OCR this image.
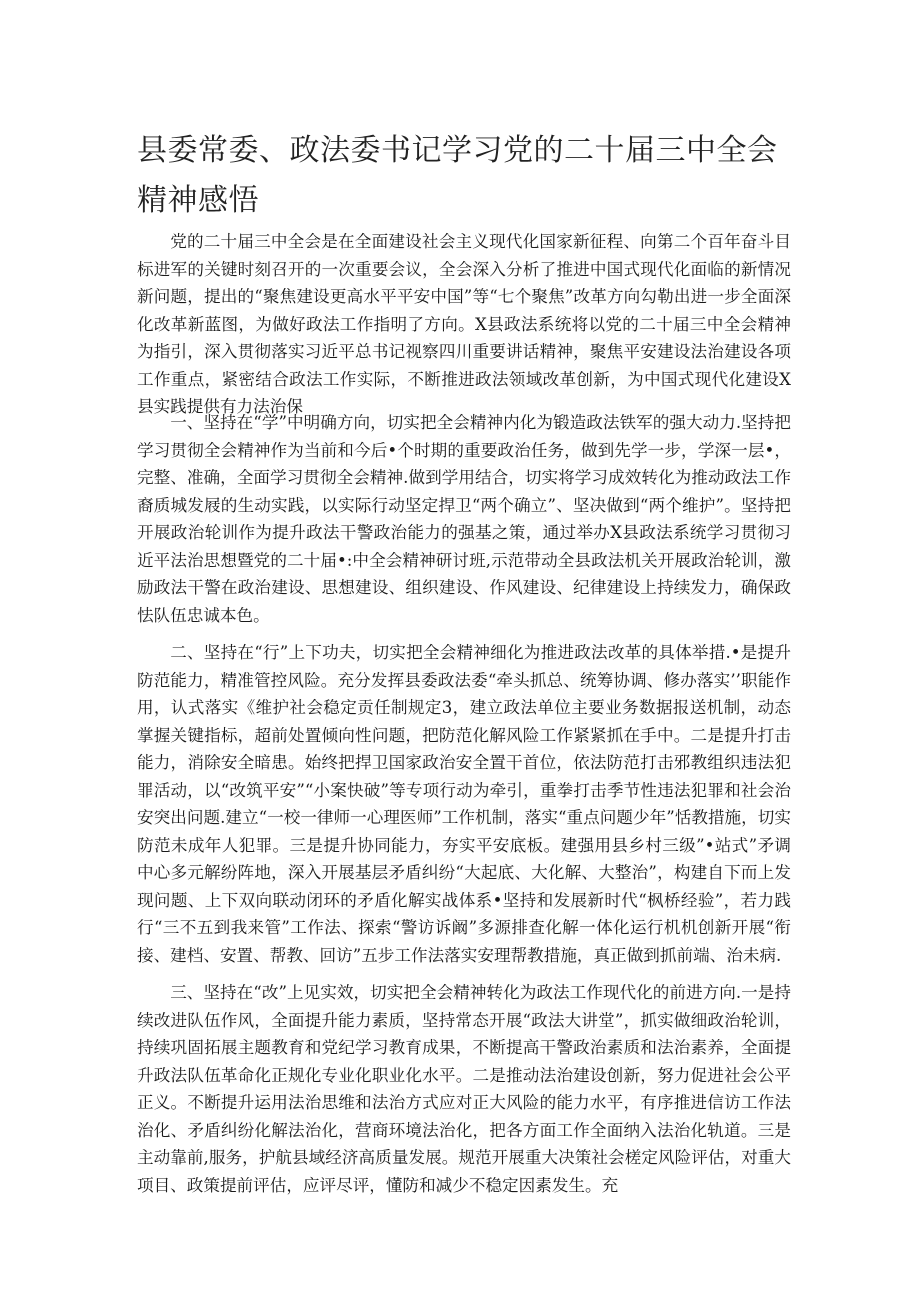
县委常委、政法委书记学习党的二十届三中全会精神感悟

党的二十届三中全会是在全面建设社会主义现代化国家新征程、向第二个百年奋斗目标进军的关键时刻召开的一次重要会议，全会深入分析了推进中国式现代化面临的新情况新问题，提出的“聚焦建设更高水平平安中国”等“七个聚焦”改革方向勾勒出进一步全面深化改革新蓝图，为做好政法工作指明了方向。X县政法系统将以党的二十届三中全会精神为指引，深入贯彻落实习近平总书记视察四川重要讲话精神，聚焦平安建设法治建设各项工作重点，紧密结合政法工作实际，不断推进政法领域改革创新，为中国式现代化建设X县实践提供有力法治保

一、坚持在“学”中明确方向，切实把全会精神内化为锻造政法铁军的强大动力.坚持把学习贯彻全会精神作为当前和今后•个时期的重要政治任务，做到先学一步，学深一层•，完整、准确，全面学习贯彻全会精神.做到学用结合，切实将学习成效转化为推动政法工作裔质城发屐的生动实践，以实际行动坚定捍卫“两个确立”、坚决做到“两个维护”。坚持把开展政治轮训作为提升政法干警政治能力的强基之策，通过举办X县政法系统学习贯彻习近平法治思想暨党的二十届•:中全会精神研讨班,示范带动全县政法机关开展政治轮训，激励政法干警在政治建设、思想建设、组织建设、作风建设、纪律建设上持续发力，确保政怯队伍忠诚本色。

二、坚持在“行”上下功夫，切实把全会精神细化为推进政法改革的具体举措.•是提升防范能力，精准管控风险。充分发挥县委政法委“牵头抓总、统筹协调、修办落实’’职能作用，认式落实《维护社会稳定贡任制规定3，建立政法单位主要业务数据报送机制，动态掌握关键指标，超前处置倾向性问题，把防范化解风险工作紧紧抓在手中。二是提升打击能力，消除安全暗患。始终把捍卫国家政治安全置干首位，依法防范打击邪教组织违法犯罪活动，以“改筑平安”“小案快破”等专项行动为牵引，重拳打击季节性违法犯罪和社会治安突出问题.建立“一校一律师一心理医师”工作机制，落实“重点问题少年”恬教措施，切实防范未成年人犯罪。三是提升协同能力，夯实平安底板。建强用县乡村三级”•站式”矛调中心多元解纷阵地，深入开展基层矛盾纠纷“大起底、大化解、大整治”，构建自下而上发现问题、上下双向联动闭环的矛盾化解实战体系•坚持和发展新时代“枫桥经验”，若力践行“三不五到我来管”工作法、探索“警访诉阚”多源排查化解一体化运行机机创新开展“衔接、建档、安置、帮教、回访”五步工作法落实安理帮教措施，真正做到抓前端、治未病.

三、坚持在“改”上见实效，切实把全会精神转化为政法工作现代化的前进方向.一是持续改进队伍作风，全面提升能力素质，坚持常态开展“政法大讲堂”，抓实做细政治轮训，持续巩固拓展主题教育和党纪学习教育成果，不断提高干警政治素质和法治素养，全面提升政法队伍革命化正规化专业化职业化水平。二是推动法治建设创新，努力促进社会公平正义。不断提升运用法治思维和法治方式应对正大风险的能力水平，有序推进信访工作法治化、矛盾纠纷化解法治化，营商环境法治化，把各方面工作全面纳入法治化轨道。三是主动靠前,服务，护航县域经济高质量发展。规范开展重大决策社会槎定风险评估，对重大项目、政策提前评估，应评尽评，懂防和减少不稳定因素发生。充
